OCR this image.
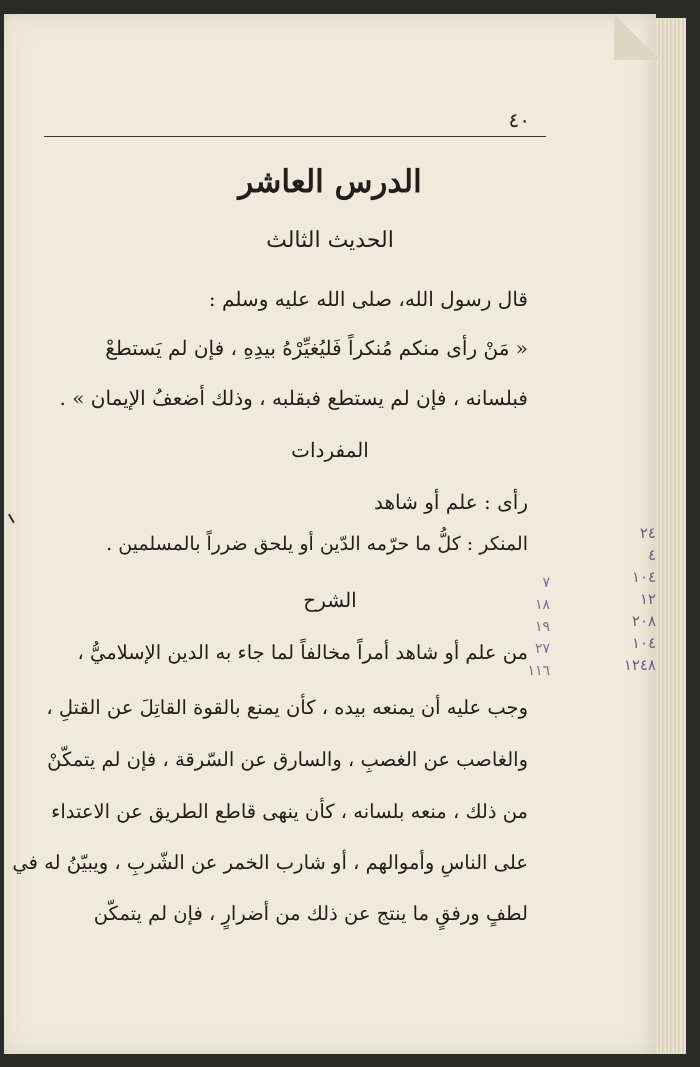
٤٠
الدرس العاشر
الحديث الثالث
قال رسول الله، صلى الله عليه وسلم :
« مَنْ رأى منكم مُنكراً فَليُغيِّرْهُ بيدِهِ ، فإن لم يَستطعْ
فبلسانه ، فإن لم يستطع فبقلبه ، وذلك أضعفُ الإيمان » .
المفردات
رأى : علم أو شاهد
المنكر : كلُّ ما حرّمه الدّين أو يلحق ضرراً بالمسلمين .
الشرح
من علم أو شاهد أمراً مخالفاً لما جاء به الدين الإسلاميُّ ،
وجب عليه أن يمنعه بيده ، كأن يمنع بالقوة القاتِلَ عن القتلِ ،
والغاصب عن الغصبِ ، والسارق عن السّرقة ، فإن لم يتمكّنْ
من ذلك ، منعه بلسانه ، كأن ينهى قاطع الطريق عن الاعتداء
على الناسِ وأموالهم ، أو شارب الخمر عن الشّربِ ، ويبيّنُ له في
لطفٍ ورفقٍ ما ينتج عن ذلك من أضرارٍ ، فإن لم يتمكّن
٢٤
٤
١٠٤
١٢
٢٠٨
١٠٤
١٢٤٨
٧
١٨
١٩
٢٧
١١٦
